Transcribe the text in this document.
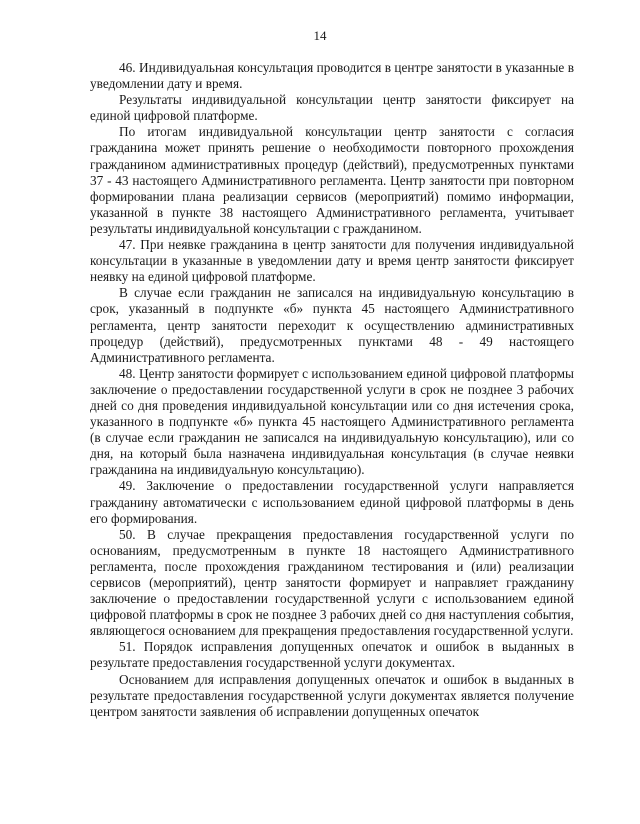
14

46. Индивидуальная консультация проводится в центре занятости в указанные в уведомлении дату и время.

Результаты индивидуальной консультации центр занятости фиксирует на единой цифровой платформе.

По итогам индивидуальной консультации центр занятости с согласия гражданина может принять решение о необходимости повторного прохождения гражданином административных процедур (действий), предусмотренных пунктами 37 - 43 настоящего Административного регламента. Центр занятости при повторном формировании плана реализации сервисов (мероприятий) помимо информации, указанной в пункте 38 настоящего Административного регламента, учитывает результаты индивидуальной консультации с гражданином.

47. При неявке гражданина в центр занятости для получения индивидуальной консультации в указанные в уведомлении дату и время центр занятости фиксирует неявку на единой цифровой платформе.

В случае если гражданин не записался на индивидуальную консультацию в срок, указанный в подпункте «б» пункта 45 настоящего Административного регламента, центр занятости переходит к осуществлению административных процедур (действий), предусмотренных пунктами 48 - 49 настоящего Административного регламента.

48. Центр занятости формирует с использованием единой цифровой платформы заключение о предоставлении государственной услуги в срок не позднее 3 рабочих дней со дня проведения индивидуальной консультации или со дня истечения срока, указанного в подпункте «б» пункта 45 настоящего Административного регламента (в случае если гражданин не записался на индивидуальную консультацию), или со дня, на который была назначена индивидуальная консультация (в случае неявки гражданина на индивидуальную консультацию).

49. Заключение о предоставлении государственной услуги направляется гражданину автоматически с использованием единой цифровой платформы в день его формирования.

50. В случае прекращения предоставления государственной услуги по основаниям, предусмотренным в пункте 18 настоящего Административного регламента, после прохождения гражданином тестирования и (или) реализации сервисов (мероприятий), центр занятости формирует и направляет гражданину заключение о предоставлении государственной услуги с использованием единой цифровой платформы в срок не позднее 3 рабочих дней со дня наступления события, являющегося основанием для прекращения предоставления государственной услуги.

51. Порядок исправления допущенных опечаток и ошибок в выданных в результате предоставления государственной услуги документах.

Основанием для исправления допущенных опечаток и ошибок в выданных в результате предоставления государственной услуги документах является получение центром занятости заявления об исправлении допущенных опечаток
